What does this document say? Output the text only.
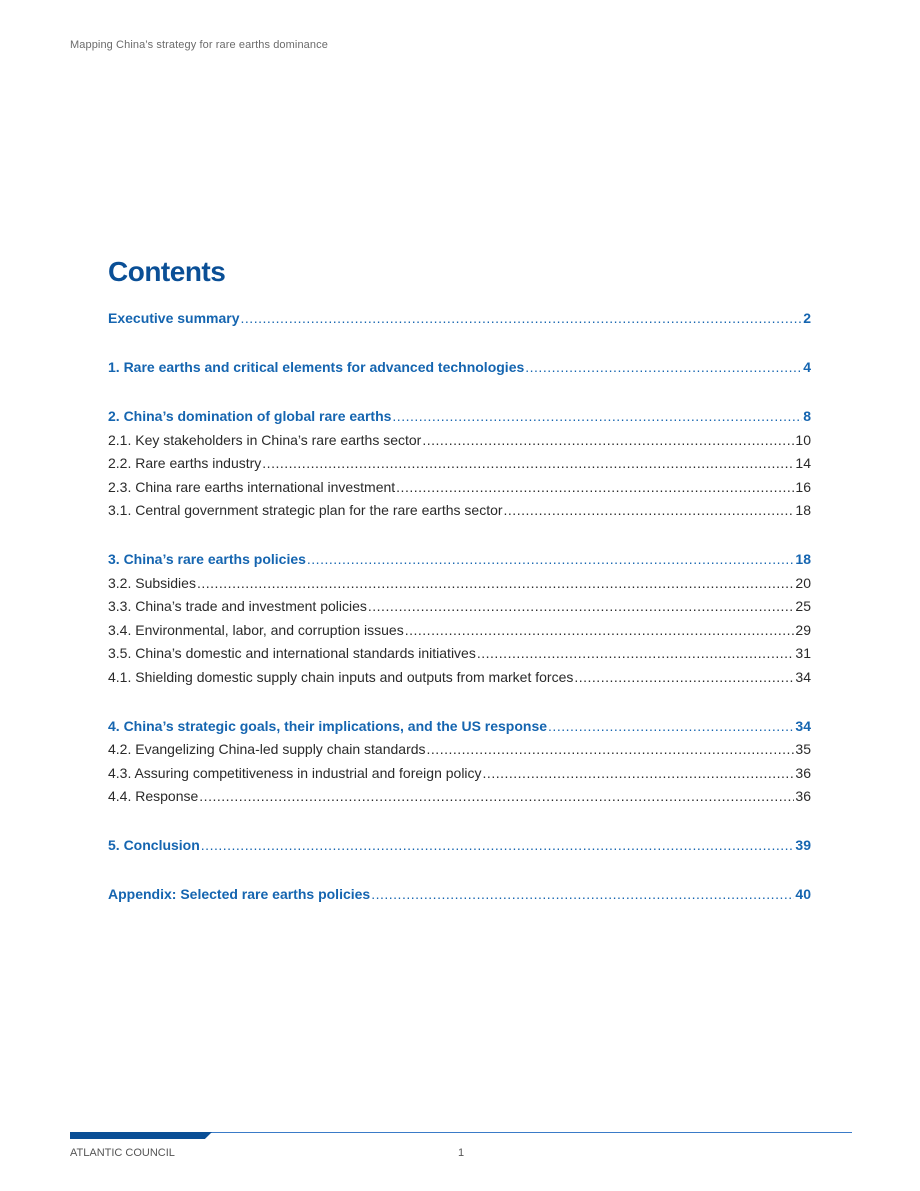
Mapping China’s strategy for rare earths dominance
Contents
Executive summary .....	2
1. Rare earths and critical elements for advanced technologies .....	4
2. China’s domination of global rare earths .....	8
2.1. Key stakeholders in China’s rare earths sector .....	10
2.2. Rare earths industry .....	14
2.3. China rare earths international investment .....	16
3.1. Central government strategic plan for the rare earths sector .....	18
3. China’s rare earths policies .....	18
3.2. Subsidies .....	20
3.3. China’s trade and investment policies .....	25
3.4. Environmental, labor, and corruption issues .....	29
3.5. China’s domestic and international standards initiatives .....	31
4.1. Shielding domestic supply chain inputs and outputs from market forces .....	34
4. China’s strategic goals, their implications, and the US response .....	34
4.2. Evangelizing China-led supply chain standards .....	35
4.3. Assuring competitiveness in industrial and foreign policy .....	36
4.4. Response .....	36
5. Conclusion .....	39
Appendix: Selected rare earths policies .....	40
ATLANTIC COUNCIL	1
